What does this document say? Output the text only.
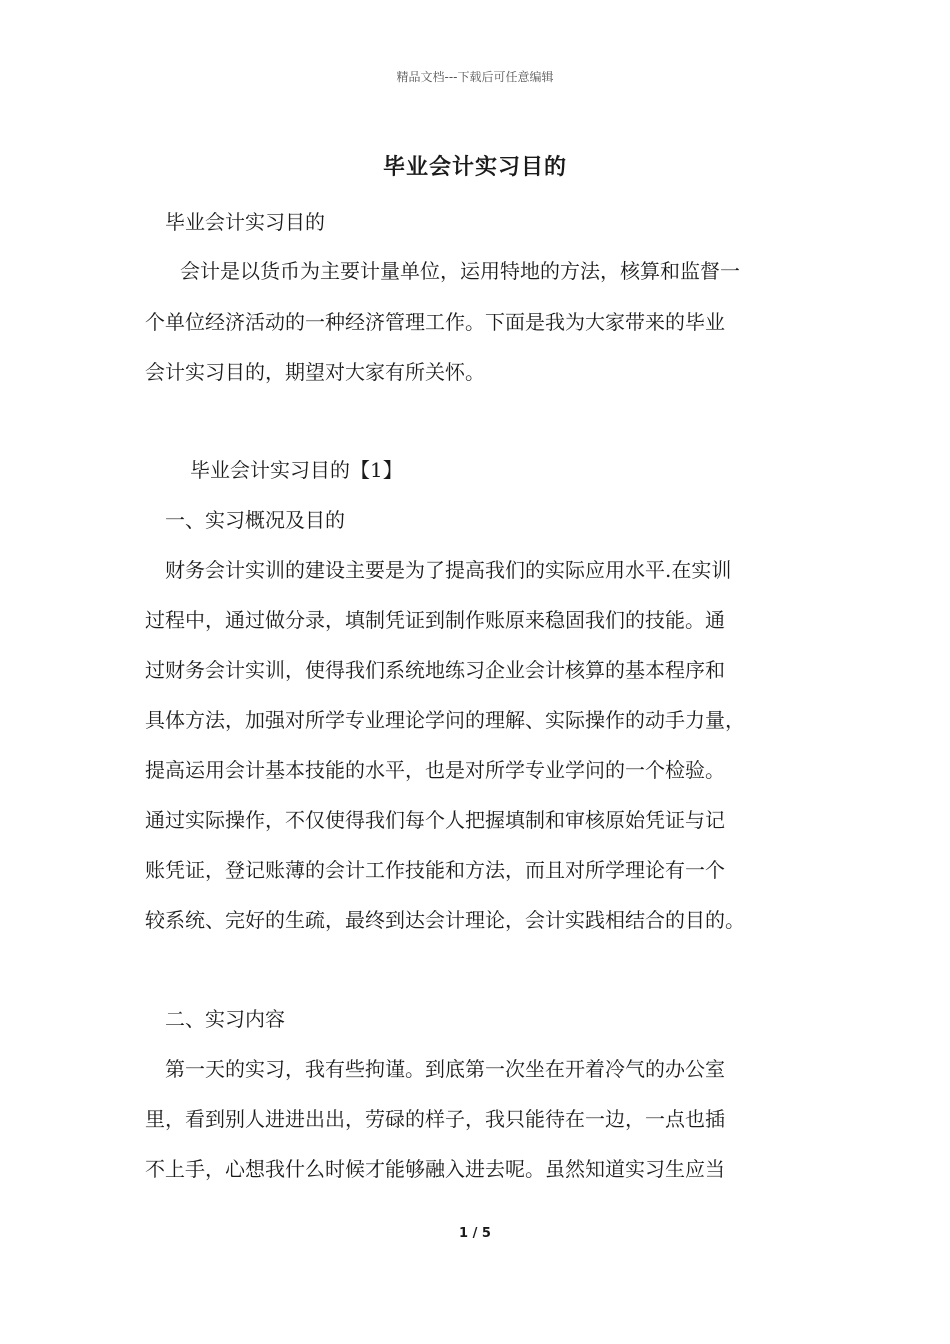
精品文档---下载后可任意编辑
毕业会计实习目的
毕业会计实习目的
会计是以货币为主要计量单位，运用特地的方法，核算和监督一
个单位经济活动的一种经济管理工作。下面是我为大家带来的毕业
会计实习目的，期望对大家有所关怀。
毕业会计实习目的【1】
一、实习概况及目的
财务会计实训的建设主要是为了提高我们的实际应用水平.在实训
过程中，通过做分录，填制凭证到制作账原来稳固我们的技能。通
过财务会计实训，使得我们系统地练习企业会计核算的基本程序和
具体方法，加强对所学专业理论学问的理解、实际操作的动手力量，
提高运用会计基本技能的水平，也是对所学专业学问的一个检验。
通过实际操作，不仅使得我们每个人把握填制和审核原始凭证与记
账凭证，登记账薄的会计工作技能和方法，而且对所学理论有一个
较系统、完好的生疏，最终到达会计理论，会计实践相结合的目的。
二、实习内容
第一天的实习，我有些拘谨。到底第一次坐在开着冷气的办公室
里，看到别人进进出出，劳碌的样子，我只能待在一边，一点也插
不上手，心想我什么时候才能够融入进去呢。虽然知道实习生应当
1 / 5
